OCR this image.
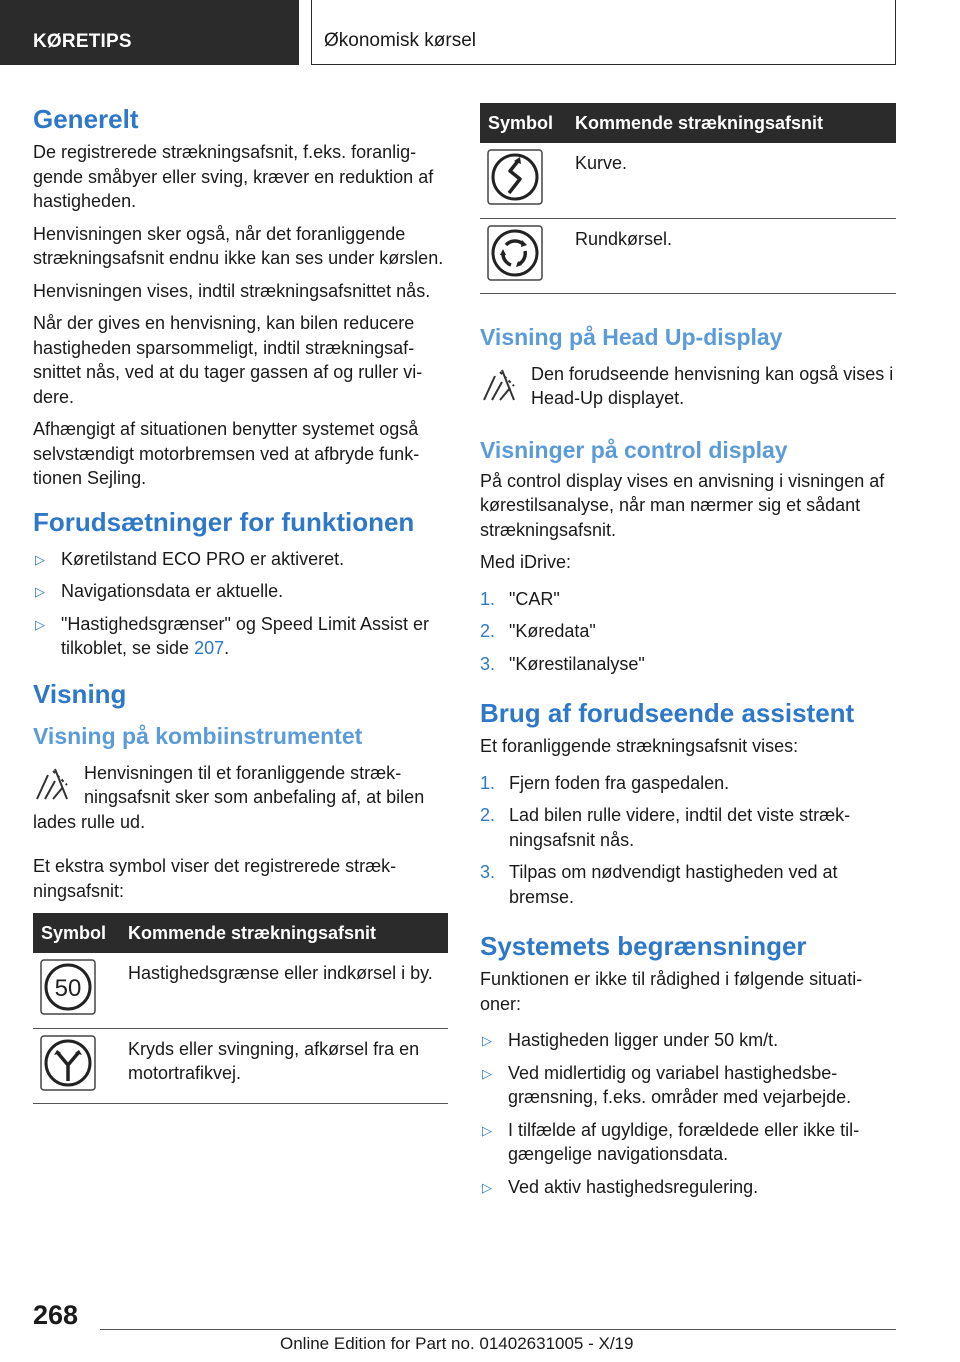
KØRETIPS	Økonomisk kørsel
Generelt

De registrerede strækningsafsnit, f.eks. foranliggende småbyer eller sving, kræver en reduktion af hastigheden.

Henvisningen sker også, når det foranliggende strækningsafsnit endnu ikke kan ses under kørslen.

Henvisningen vises, indtil strækningsafsnittet nås.

Når der gives en henvisning, kan bilen reducere hastigheden sparsommeligt, indtil strækningsafsnittet nås, ved at du tager gassen af og ruller videre.

Afhængigt af situationen benytter systemet også selvstændigt motorbremsen ved at afbryde funktionen Sejling.

Forudsætninger for funktionen
▷ Køretilstand ECO PRO er aktiveret.
▷ Navigationsdata er aktuelle.
▷ "Hastighedsgrænser" og Speed Limit Assist er tilkoblet, se side 207.
Visning
Visning på kombiinstrumentet
Henvisningen til et foranliggende strækningsafsnit sker som anbefaling af, at bilen lades rulle ud.

Et ekstra symbol viser det registrerede strækningsafsnit:

Symbol	Kommende strækningsafsnit

50	Hastighedsgrænse eller indkørsel i by.

	Kryds eller svingning, afkørsel fra en motortrafikvej.
Symbol	Kommende strækningsafsnit

	Kurve.

	Rundkørsel.
Visning på Head Up-display
Den forudseende henvisning kan også vises i Head-Up displayet.
Visninger på control display

På control display vises en anvisning i visningen af kørestilsanalyse, når man nærmer sig et sådant strækningsafsnit.

Med iDrive:

1. "CAR"
2. "Køredata"
3. "Kørestilanalyse"
Brug af forudseende assistent

Et foranliggende strækningsafsnit vises:

1. Fjern foden fra gaspedalen.
2. Lad bilen rulle videre, indtil det viste strækningsafsnit nås.
3. Tilpas om nødvendigt hastigheden ved at bremse.
Systemets begrænsninger

Funktionen er ikke til rådighed i følgende situationer:

▷ Hastigheden ligger under 50 km/t.
▷ Ved midlertidig og variabel hastighedsbegrænsning, f.eks. områder med vejarbejde.
▷ I tilfælde af ugyldige, forældede eller ikke tilgængelige navigationsdata.
▷ Ved aktiv hastighedsregulering.
268
Online Edition for Part no. 01402631005 - X/19
